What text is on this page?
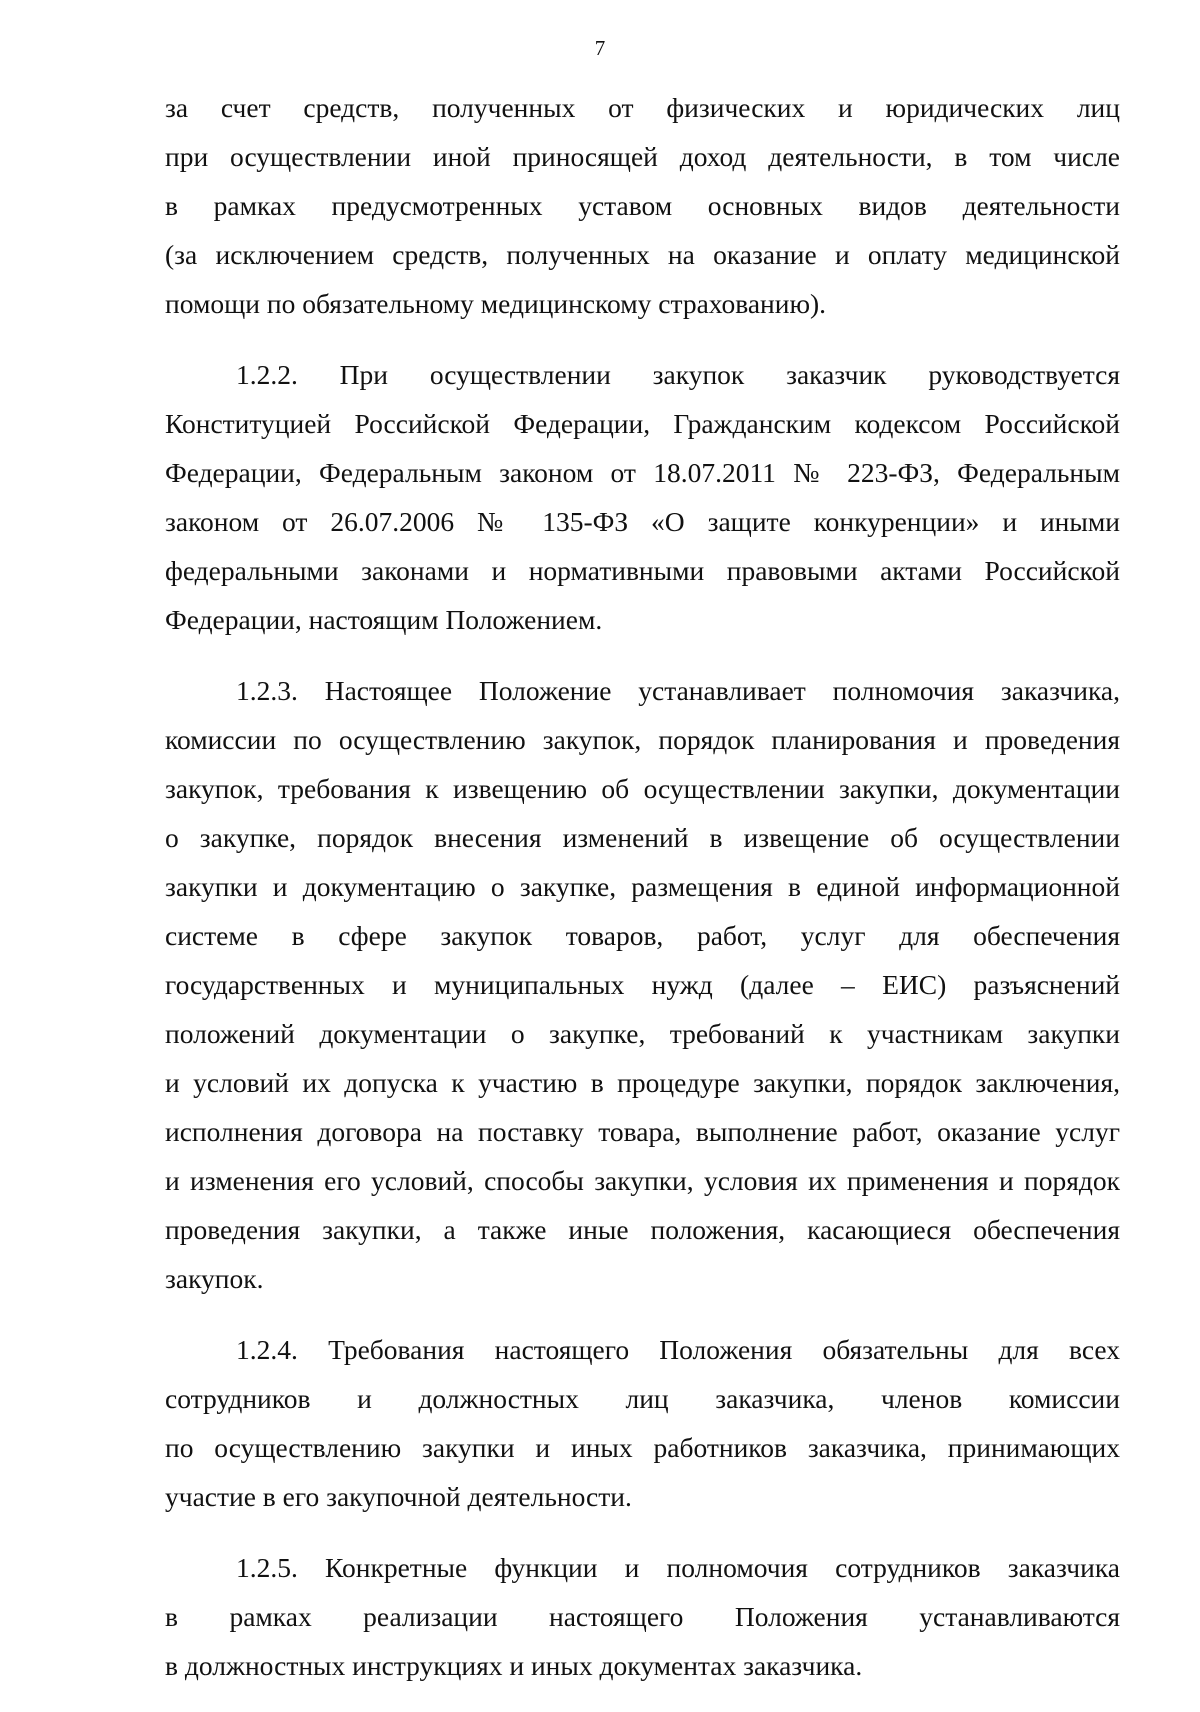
7

за счет средств, полученных от физических и юридических лиц
при осуществлении иной приносящей доход деятельности, в том числе
в рамках предусмотренных уставом основных видов деятельности
(за исключением средств, полученных на оказание и оплату медицинской
помощи по обязательному медицинскому страхованию).

1.2.2. При осуществлении закупок заказчик руководствуется
Конституцией Российской Федерации, Гражданским кодексом Российской
Федерации, Федеральным законом от 18.07.2011 № 223-ФЗ, Федеральным
законом от 26.07.2006 № 135-ФЗ «О защите конкуренции» и иными
федеральными законами и нормативными правовыми актами Российской
Федерации, настоящим Положением.

1.2.3. Настоящее Положение устанавливает полномочия заказчика,
комиссии по осуществлению закупок, порядок планирования и проведения
закупок, требования к извещению об осуществлении закупки, документации
о закупке, порядок внесения изменений в извещение об осуществлении
закупки и документацию о закупке, размещения в единой информационной
системе в сфере закупок товаров, работ, услуг для обеспечения
государственных и муниципальных нужд (далее – ЕИС) разъяснений
положений документации о закупке, требований к участникам закупки
и условий их допуска к участию в процедуре закупки, порядок заключения,
исполнения договора на поставку товара, выполнение работ, оказание услуг
и изменения его условий, способы закупки, условия их применения и порядок
проведения закупки, а также иные положения, касающиеся обеспечения
закупок.

1.2.4. Требования настоящего Положения обязательны для всех
сотрудников и должностных лиц заказчика, членов комиссии
по осуществлению закупки и иных работников заказчика, принимающих
участие в его закупочной деятельности.

1.2.5. Конкретные функции и полномочия сотрудников заказчика
в рамках реализации настоящего Положения устанавливаются
в должностных инструкциях и иных документах заказчика.
